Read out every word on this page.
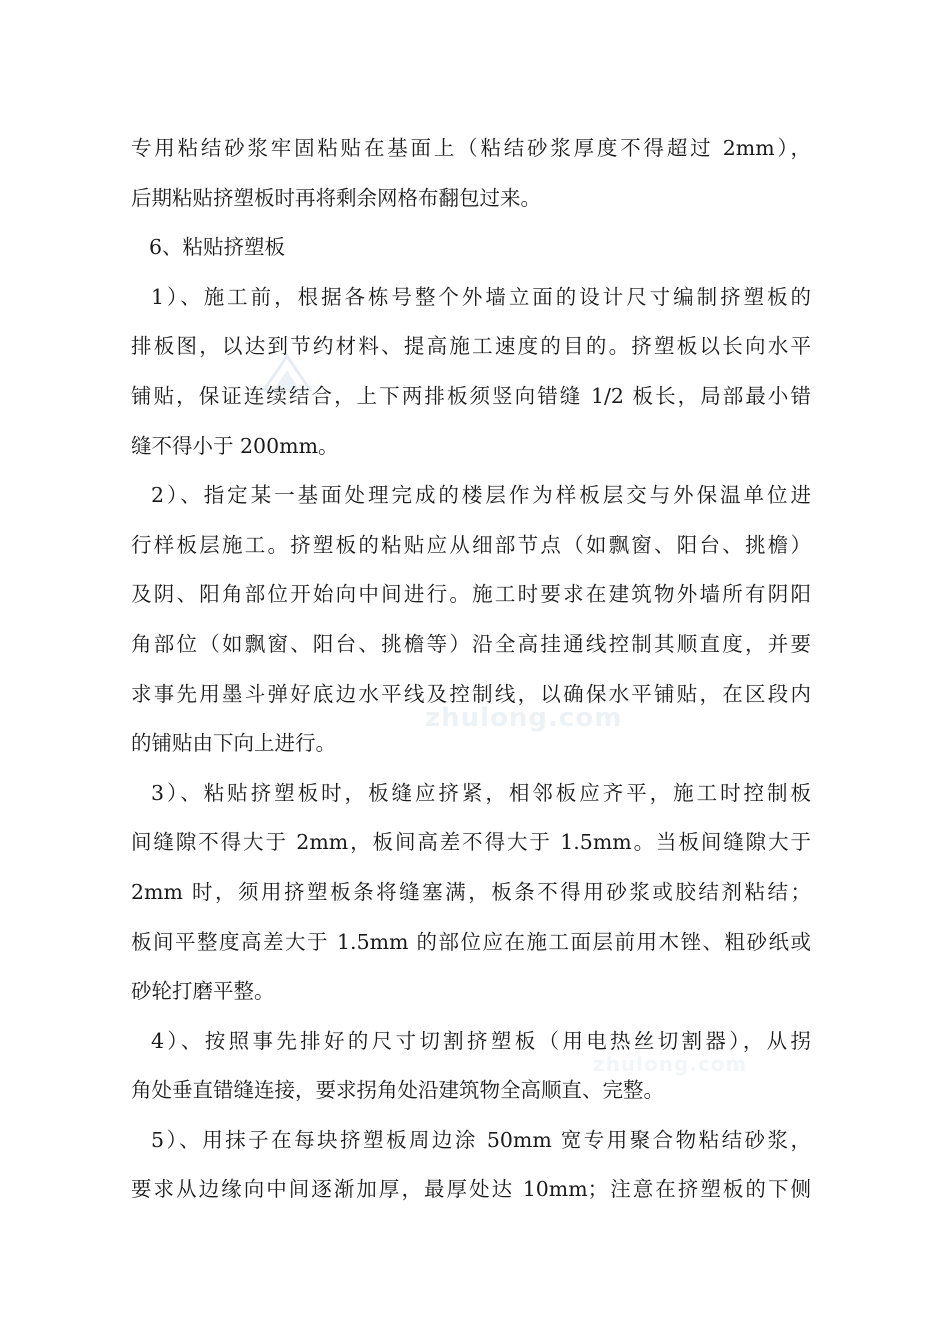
zhulong.com
zhulong.com
专用粘结砂浆牢固粘贴在基面上（粘结砂浆厚度不得超过 2mm），
后期粘贴挤塑板时再将剩余网格布翻包过来。
6、粘贴挤塑板
1）、施工前，根据各栋号整个外墙立面的设计尺寸编制挤塑板的
排板图，以达到节约材料、提高施工速度的目的。挤塑板以长向水平
铺贴，保证连续结合，上下两排板须竖向错缝 1/2 板长，局部最小错
缝不得小于 200mm。
2）、指定某一基面处理完成的楼层作为样板层交与外保温单位进
行样板层施工。挤塑板的粘贴应从细部节点（如飘窗、阳台、挑檐）
及阴、阳角部位开始向中间进行。施工时要求在建筑物外墙所有阴阳
角部位（如飘窗、阳台、挑檐等）沿全高挂通线控制其顺直度，并要
求事先用墨斗弹好底边水平线及控制线，以确保水平铺贴，在区段内
的铺贴由下向上进行。
3）、粘贴挤塑板时，板缝应挤紧，相邻板应齐平，施工时控制板
间缝隙不得大于 2mm，板间高差不得大于 1.5mm。当板间缝隙大于
2mm 时，须用挤塑板条将缝塞满，板条不得用砂浆或胶结剂粘结；
板间平整度高差大于 1.5mm 的部位应在施工面层前用木锉、粗砂纸或
砂轮打磨平整。
4）、按照事先排好的尺寸切割挤塑板（用电热丝切割器），从拐
角处垂直错缝连接，要求拐角处沿建筑物全高顺直、完整。
5）、用抹子在每块挤塑板周边涂 50mm 宽专用聚合物粘结砂浆，
要求从边缘向中间逐渐加厚，最厚处达 10mm；注意在挤塑板的下侧
